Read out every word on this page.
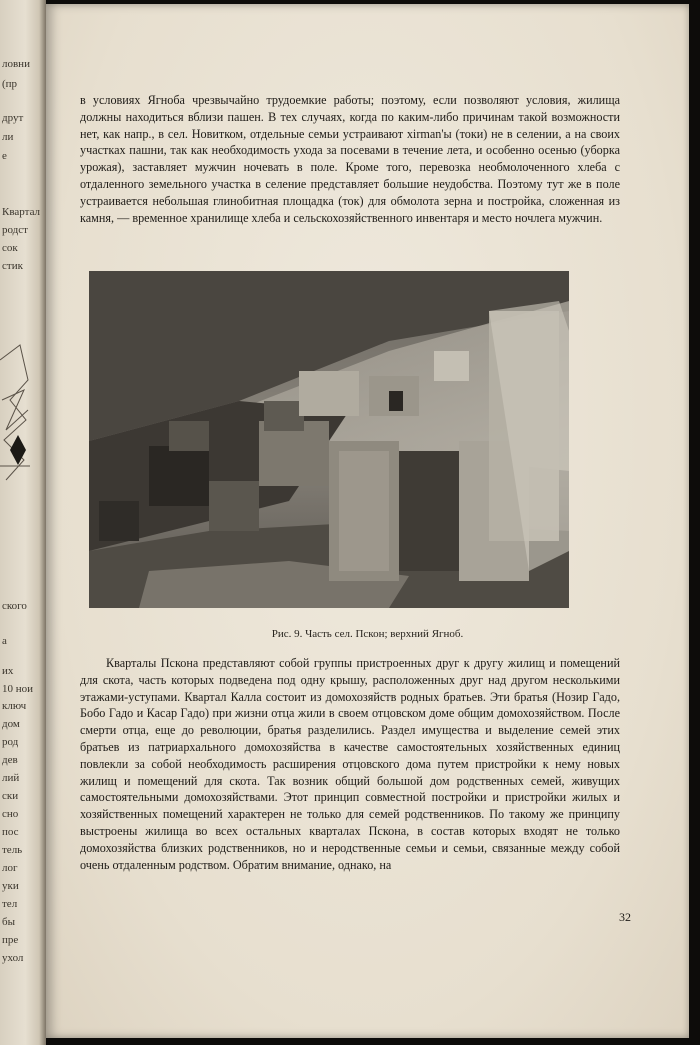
ловни
(пр
друт
ли
е
Квартал
родст
сок
стик
ского
а
их
10 нои
ключ
дом
род
дев
лий
ски
сно
пос
тель
лог
уки
тел
бы
пре
ухол

в условиях Ягноба чрезвычайно трудоемкие работы; поэтому, если позволяют условия, жилища должны находиться вблизи пашен. В тех случаях, когда по каким-либо причинам такой возможности нет, как напр., в сел. Новитком, отдельные семьи устраивают хirman'ы (токи) не в селении, а на своих участках пашни, так как необходимость ухода за посевами в течение лета, и особенно осенью (уборка урожая), заставляет мужчин ночевать в поле. Кроме того, перевозка необмолоченного хлеба с отдаленного земельного участка в селение представляет большие неудобства. Поэтому тут же в поле устраивается небольшая глинобитная площадка (ток) для обмолота зерна и постройка, сложенная из камня, — временное хранилище хлеба и сельскохозяйственного инвентаря и место ночлега мужчин.

Рис. 9. Часть сел. Пскон; верхний Ягноб.

Кварталы Пскона представляют собой группы пристроенных друг к другу жилищ и помещений для скота, часть которых подведена под одну крышу, расположенных друг над другом несколькими этажами-уступами. Квартал Калла состоит из домохозяйств родных братьев. Эти братья (Нозир Гадо, Бобо Гадо и Касар Гадо) при жизни отца жили в своем отцовском доме общим домохозяйством. После смерти отца, еще до революции, братья разделились. Раздел имущества и выделение семей этих братьев из патриархального домохозяйства в качестве самостоятельных хозяйственных единиц повлекли за собой необходимость расширения отцовского дома путем пристройки к нему новых жилищ и помещений для скота. Так возник общий большой дом родственных семей, живущих самостоятельными домохозяйствами. Этот принцип совместной постройки и пристройки жилых и хозяйственных помещений характерен не только для семей родственников. По такому же принципу выстроены жилища во всех остальных кварталах Пскона, в состав которых входят не только домохозяйства близких родственников, но и неродственные семьи и семьи, связанные между собой очень отдаленным родством. Обратим внимание, однако, на

32
